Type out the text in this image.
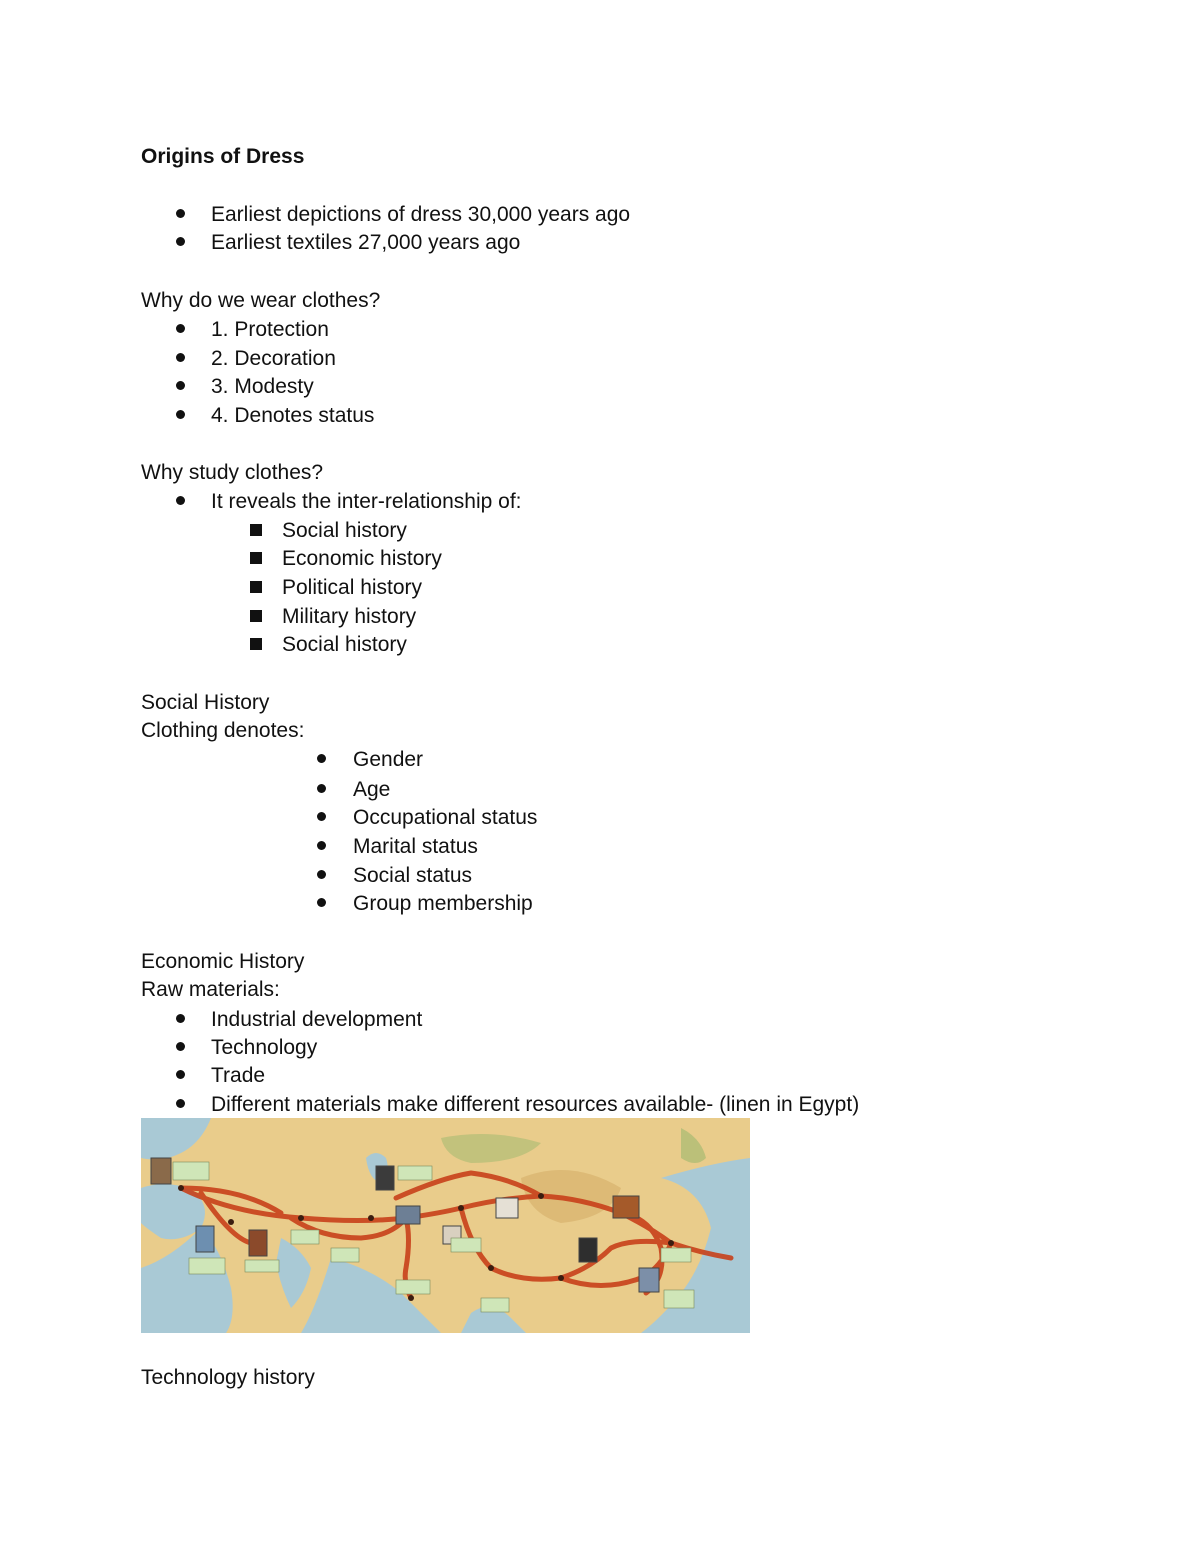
Origins of Dress
Earliest depictions of dress 30,000 years ago
Earliest textiles 27,000 years ago
Why do we wear clothes?
1. Protection
2. Decoration
3. Modesty
4. Denotes status
Why study clothes?
It reveals the inter-relationship of:
Social history
Economic history
Political history
Military history
Social history
Social History
Clothing denotes:
Gender
Age
Occupational status
Marital status
Social status
Group membership
Economic History
Raw materials:
Industrial development
Technology
Trade
Different materials make different resources available- (linen in Egypt)
Technology history
